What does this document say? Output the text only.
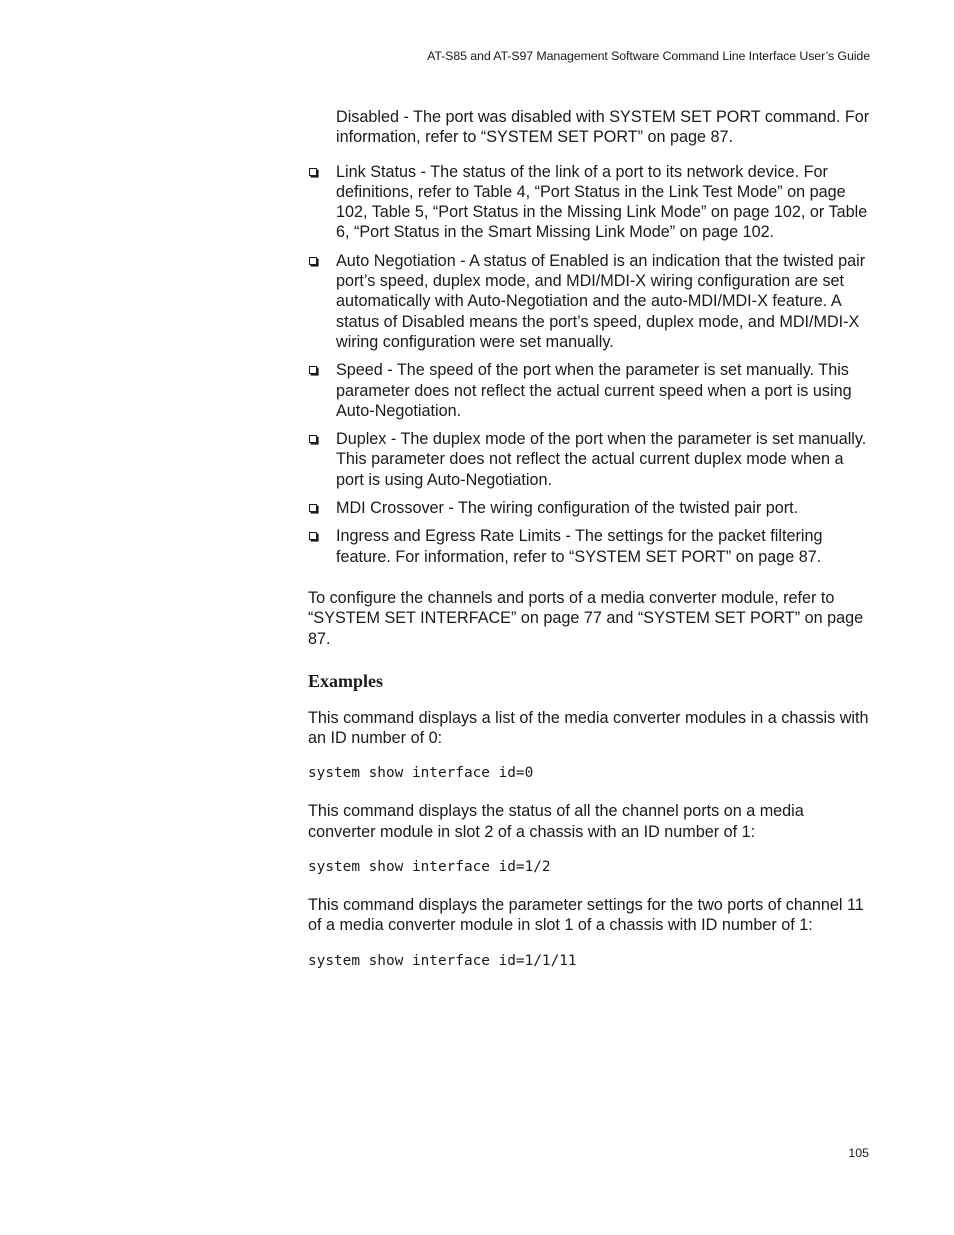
AT-S85 and AT-S97 Management Software Command Line Interface User’s Guide

Disabled - The port was disabled with SYSTEM SET PORT command. For information, refer to “SYSTEM SET PORT” on page 87.

Link Status - The status of the link of a port to its network device. For definitions, refer to Table 4, “Port Status in the Link Test Mode” on page 102, Table 5, “Port Status in the Missing Link Mode” on page 102, or Table 6, “Port Status in the Smart Missing Link Mode” on page 102.
Auto Negotiation - A status of Enabled is an indication that the twisted pair port’s speed, duplex mode, and MDI/MDI-X wiring configuration are set automatically with Auto-Negotiation and the auto-MDI/MDI-X feature. A status of Disabled means the port’s speed, duplex mode, and MDI/MDI-X wiring configuration were set manually.
Speed - The speed of the port when the parameter is set manually. This parameter does not reflect the actual current speed when a port is using Auto-Negotiation.
Duplex - The duplex mode of the port when the parameter is set manually. This parameter does not reflect the actual current duplex mode when a port is using Auto-Negotiation.
MDI Crossover - The wiring configuration of the twisted pair port.
Ingress and Egress Rate Limits - The settings for the packet filtering feature. For information, refer to “SYSTEM SET PORT” on page 87.

To configure the channels and ports of a media converter module, refer to “SYSTEM SET INTERFACE” on page 77 and “SYSTEM SET PORT” on page 87.

Examples

This command displays a list of the media converter modules in a chassis with an ID number of 0:

system show interface id=0

This command displays the status of all the channel ports on a media converter module in slot 2 of a chassis with an ID number of 1:

system show interface id=1/2

This command displays the parameter settings for the two ports of channel 11 of a media converter module in slot 1 of a chassis with ID number of 1:

system show interface id=1/1/11
105
